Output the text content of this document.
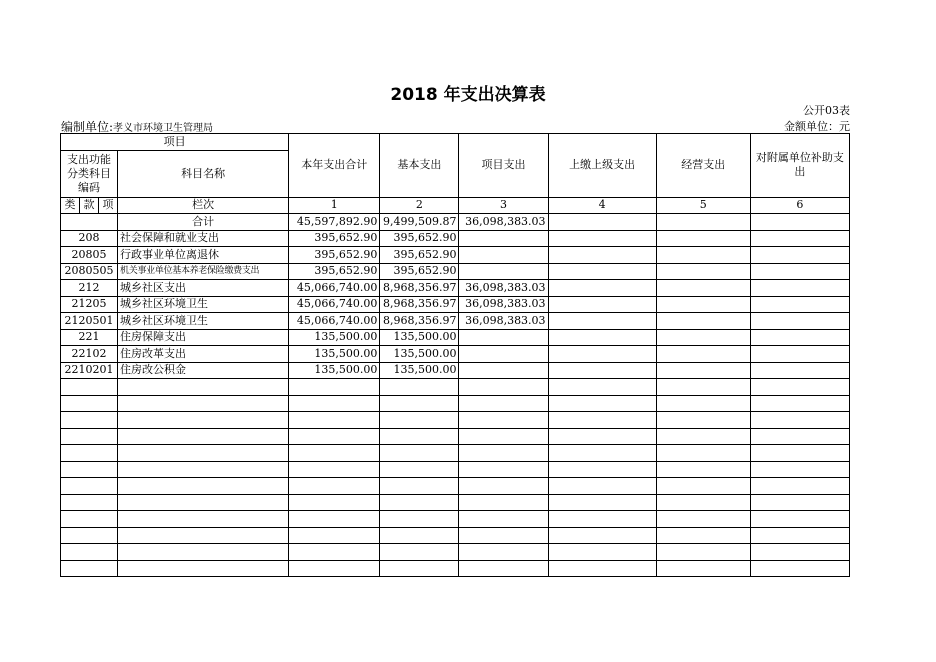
2018 年支出决算表
公开03表
编制单位:孝义市环境卫生管理局	金额单位：元
项目				本年支出合计	基本支出	项目支出	上缴上级支出	经营支出	对附属单位补助支出
支出功能分类科目编码			科目名称						

类	款	项							
			栏次	1	2	3	4	5	6
			合计	45,597,892.90	9,499,509.87	36,098,383.03			
208			社会保障和就业支出	395,652.90	395,652.90				
20805			行政事业单位离退休	395,652.90	395,652.90				
2080505			机关事业单位基本养老保险缴费支出	395,652.90	395,652.90				
212			城乡社区支出	45,066,740.00	8,968,356.97	36,098,383.03			
21205			城乡社区环境卫生	45,066,740.00	8,968,356.97	36,098,383.03			
2120501			城乡社区环境卫生	45,066,740.00	8,968,356.97	36,098,383.03			
221			住房保障支出	135,500.00	135,500.00				
22102			住房改革支出	135,500.00	135,500.00				
2210201			住房改公积金	135,500.00	135,500.00				
